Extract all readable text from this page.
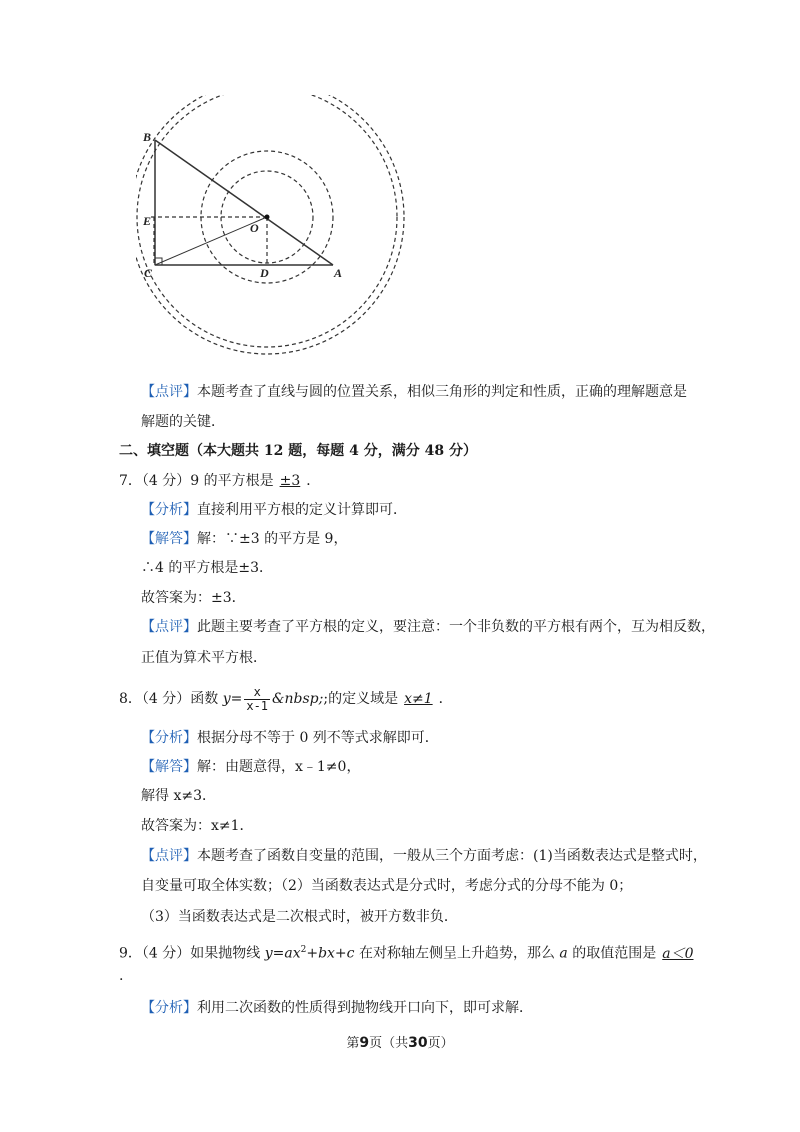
B
E	O
C	D	A
【点评】本题考查了直线与圆的位置关系，相似三角形的判定和性质，正确的理解题意是
解题的关键．
二、填空题（本大题共 12 题，每题 4 分，满分 48 分）
7．（4 分）9 的平方根是 ±3 ．
【分析】直接利用平方根的定义计算即可．
【解答】解：∵±3 的平方是 9，
∴4 的平方根是±3．
故答案为：±3．
【点评】此题主要考查了平方根的定义，要注意：一个非负数的平方根有两个，互为相反数，
正值为算术平方根．
8．（4 分）函数 $y= \frac{x}{x-1}$ &nbsp;;的定义域是 x≠1 ．
【分析】根据分母不等于 0 列不等式求解即可．
【解答】解：由题意得，x﹣1≠0，
解得 x≠3．
故答案为：x≠1．
【点评】本题考查了函数自变量的范围，一般从三个方面考虑：(1)当函数表达式是整式时，
自变量可取全体实数；（2）当函数表达式是分式时，考虑分式的分母不能为 0；
（3）当函数表达式是二次根式时，被开方数非负．
9．（4 分）如果抛物线 $y=ax^2+bx+c$ 在对称轴左侧呈上升趋势，那么 a 的取值范围是 a＜0
.
【分析】利用二次函数的性质得到抛物线开口向下，即可求解．
第9页（共30页）
